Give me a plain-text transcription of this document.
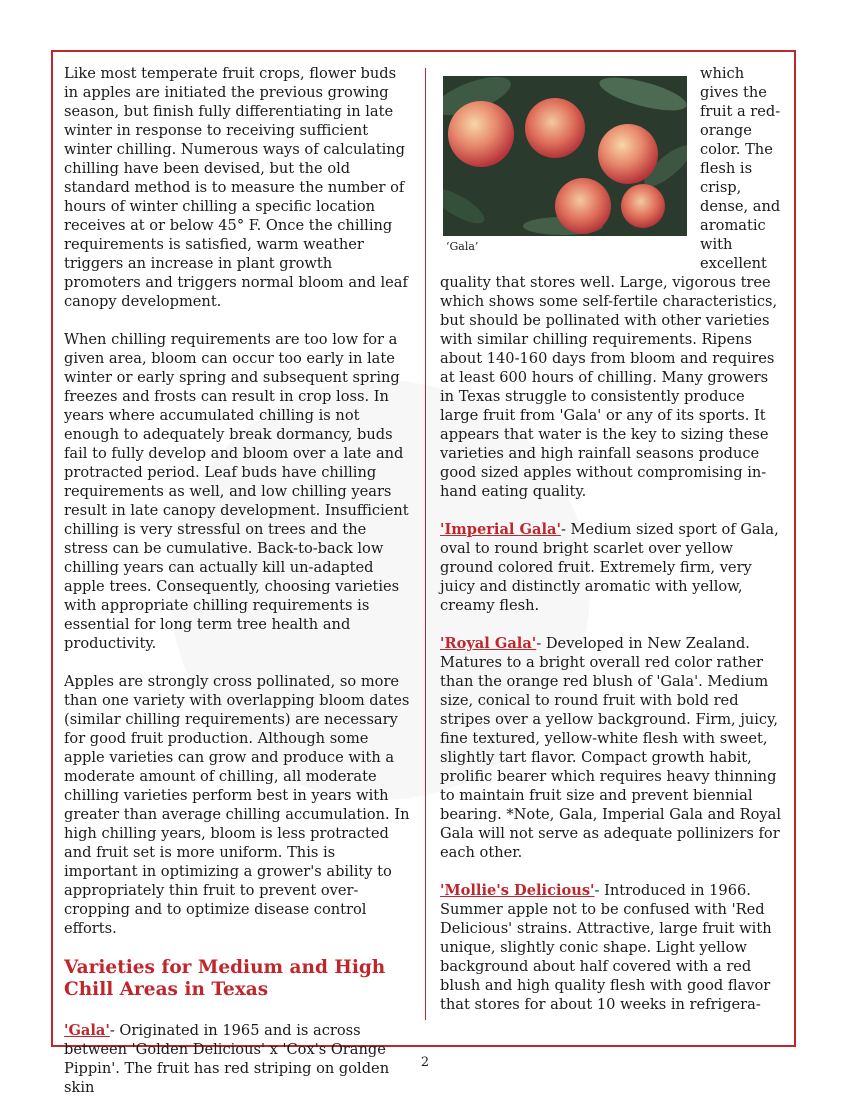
Like most temperate fruit crops, flower buds in apples are initiated the previous growing season, but finish fully differentiating in late winter in response to receiving sufficient winter chilling. Numerous ways of calculating chilling have been devised, but the old standard method is to measure the number of hours of winter chilling a specific location receives at or below 45° F. Once the chilling requirements is satisfied, warm weather triggers an increase in plant growth promoters and triggers normal bloom and leaf canopy development.

When chilling requirements are too low for a given area, bloom can occur too early in late winter or early spring and subsequent spring freezes and frosts can result in crop loss. In years where accumulated chilling is not enough to adequately break dormancy, buds fail to fully develop and bloom over a late and protracted period. Leaf buds have chilling requirements as well, and low chilling years result in late canopy development. Insufficient chilling is very stressful on trees and the stress can be cumulative. Back-to-back low chilling years can actually kill un-adapted apple trees. Consequently, choosing varieties with appropriate chilling requirements is essential for long term tree health and productivity.

Apples are strongly cross pollinated, so more than one variety with overlapping bloom dates (similar chilling requirements) are necessary for good fruit production. Although some apple varieties can grow and produce with a moderate amount of chilling, all moderate chilling varieties perform best in years with greater than average chilling accumulation. In high chilling years, bloom is less protracted and fruit set is more uniform. This is important in optimizing a grower's ability to appropriately thin fruit to prevent over-cropping and to optimize disease control efforts.

Varieties for Medium and High Chill Areas in Texas

'Gala'- Originated in 1965 and is across between 'Golden Delicious' x 'Cox's Orange Pippin'. The fruit has red striping on golden skin

‘Gala’

which gives the fruit a red-orange color. The flesh is crisp, dense, and aromatic with excellent quality that stores well. Large, vigorous tree which shows some self-fertile characteristics, but should be pollinated with other varieties with similar chilling requirements. Ripens about 140-160 days from bloom and requires at least 600 hours of chilling. Many growers in Texas struggle to consistently produce large fruit from 'Gala' or any of its sports. It appears that water is the key to sizing these varieties and high rainfall seasons produce good sized apples without compromising in-hand eating quality.

'Imperial Gala'- Medium sized sport of Gala, oval to round bright scarlet over yellow ground colored fruit. Extremely firm, very juicy and distinctly aromatic with yellow, creamy flesh.

'Royal Gala'- Developed in New Zealand. Matures to a bright overall red color rather than the orange red blush of 'Gala'. Medium size, conical to round fruit with bold red stripes over a yellow background. Firm, juicy, fine textured, yellow-white flesh with sweet, slightly tart flavor. Compact growth habit, prolific bearer which requires heavy thinning to maintain fruit size and prevent biennial bearing. *Note, Gala, Imperial Gala and Royal Gala will not serve as adequate pollinizers for each other.

'Mollie's Delicious'- Introduced in 1966. Summer apple not to be confused with 'Red Delicious' strains. Attractive, large fruit with unique, slightly conic shape. Light yellow background about half covered with a red blush and high quality flesh with good flavor that stores for about 10 weeks in refrigera-

2
